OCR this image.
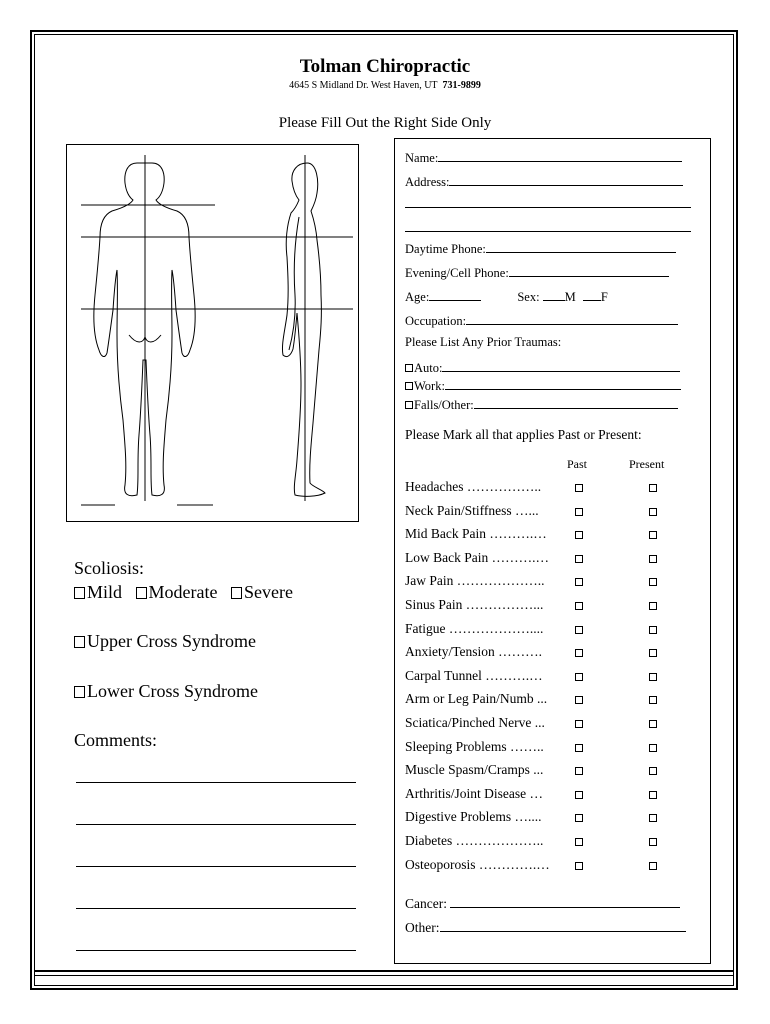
Tolman Chiropractic
4645 S Midland Dr. West Haven, UT 731-9899
Please Fill Out the Right Side Only
Name:
Address:
Daytime Phone:
Evening/Cell Phone:
Age:	Sex: M F
Occupation:
Please List Any Prior Traumas:
Auto:
Work:
Falls/Other:
Please Mark all that applies Past or Present:
Past	Present
Headaches ……………..
Neck Pain/Stiffness …...
Mid Back Pain ……….…
Low Back Pain ……….…
Jaw Pain ………………..
Sinus Pain ……………...
Fatigue ………………....
Anxiety/Tension ……….
Carpal Tunnel ……….…
Arm or Leg Pain/Numb ...
Sciatica/Pinched Nerve ...
Sleeping Problems ……..
Muscle Spasm/Cramps ...
Arthritis/Joint Disease …
Digestive Problems …....
Diabetes ………………..
Osteoporosis ………….…
Cancer:
Other:
Scoliosis:
Mild Moderate Severe
Upper Cross Syndrome
Lower Cross Syndrome
Comments:
